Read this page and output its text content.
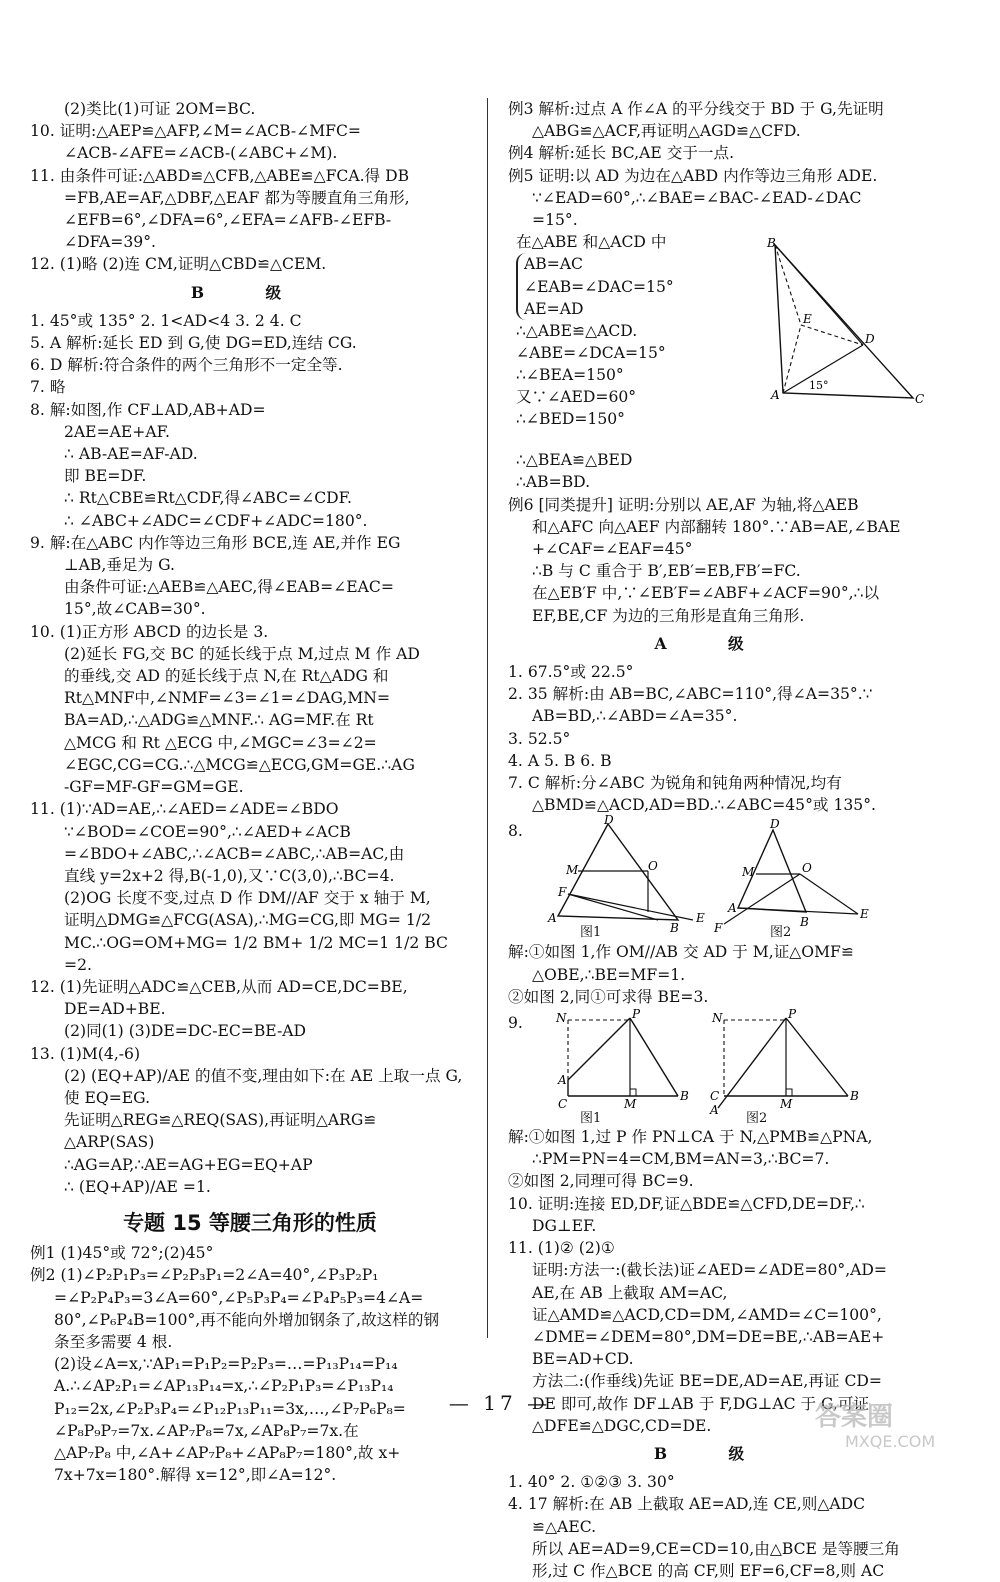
(2)类比(1)可证 2OM=BC.
10. 证明:△AEP≌△AFP,∠M=∠ACB-∠MFC=
∠ACB-∠AFE=∠ACB-(∠ABC+∠M).
11. 由条件可证:△ABD≌△CFB,△ABE≌△FCA.得 DB
=FB,AE=AF,△DBF,△EAF 都为等腰直角三角形,
∠EFB=6°,∠DFA=6°,∠EFA=∠AFB-∠EFB-
∠DFA=39°.
12. (1)略 (2)连 CM,证明△CBD≌△CEM.
B 级
1. 45°或 135° 2. 1<AD<4 3. 2 4. C
5. A 解析:延长 ED 到 G,使 DG=ED,连结 CG.
6. D 解析:符合条件的两个三角形不一定全等.
7. 略
8. 解:如图,作 CF⊥AD,AB+AD=
2AE=AE+AF.
∴ AB-AE=AF-AD.
即 BE=DF.
∴ Rt△CBE≌Rt△CDF,得∠ABC=∠CDF.
∴ ∠ABC+∠ADC=∠CDF+∠ADC=180°.
9. 解:在△ABC 内作等边三角形 BCE,连 AE,并作 EG
⊥AB,垂足为 G.
由条件可证:△AEB≌△AEC,得∠EAB=∠EAC=
15°,故∠CAB=30°.
10. (1)正方形 ABCD 的边长是 3.
(2)延长 FG,交 BC 的延长线于点 M,过点 M 作 AD
的垂线,交 AD 的延长线于点 N,在 Rt△ADG 和
Rt△MNF中,∠NMF=∠3=∠1=∠DAG,MN=
BA=AD,∴△ADG≌△MNF.∴ AG=MF.在 Rt
△MCG 和 Rt △ECG 中,∠MGC=∠3=∠2=
∠EGC,CG=CG.∴△MCG≌△ECG,GM=GE.∴AG
-GF=MF-GF=GM=GE.
11. (1)∵AD=AE,∴∠AED=∠ADE=∠BDO
∵∠BOD=∠COE=90°,∴∠AED+∠ACB
=∠BDO+∠ABC,∴∠ACB=∠ABC,∴AB=AC,由
直线 y=2x+2 得,B(-1,0),又∵C(3,0),∴BC=4.
(2)OG 长度不变,过点 D 作 DM//AF 交于 x 轴于 M,
证明△DMG≌△FCG(ASA),∴MG=CG,即 MG= 1/2
MC.∴OG=OM+MG= 1/2 BM+ 1/2 MC=1 1/2 BC
=2.
12. (1)先证明△ADC≌△CEB,从而 AD=CE,DC=BE,
DE=AD+BE.
(2)同(1) (3)DE=DC-EC=BE-AD
13. (1)M(4,-6)
(2) (EQ+AP)/AE 的值不变,理由如下:在 AE 上取一点 G,
使 EQ=EG.
先证明△REG≌△REQ(SAS),再证明△ARG≌
△ARP(SAS)
∴AG=AP,∴AE=AG+EG=EQ+AP
∴ (EQ+AP)/AE =1.
专题 15 等腰三角形的性质
例1 (1)45°或 72°;(2)45°
例2 (1)∠P₂P₁P₃=∠P₂P₃P₁=2∠A=40°,∠P₃P₂P₁
=∠P₂P₄P₃=3∠A=60°,∠P₅P₃P₄=∠P₄P₅P₃=4∠A=
80°,∠P₆P₄B=100°,再不能向外增加钢条了,故这样的钢
条至多需要 4 根.
(2)设∠A=x,∵AP₁=P₁P₂=P₂P₃=…=P₁₃P₁₄=P₁₄
A.∴∠AP₂P₁=∠AP₁₃P₁₄=x,∴∠P₂P₁P₃=∠P₁₃P₁₄
P₁₂=2x,∠P₂P₃P₄=∠P₁₂P₁₃P₁₁=3x,…,∠P₇P₆P₈=
∠P₈P₉P₇=7x.∠AP₇P₈=7x,∠AP₈P₇=7x.在
△AP₇P₈ 中,∠A+∠AP₇P₈+∠AP₈P₇=180°,故 x+
7x+7x=180°.解得 x=12°,即∠A=12°.
例3 解析:过点 A 作∠A 的平分线交于 BD 于 G,先证明
△ABG≌△ACF,再证明△AGD≌△CFD.
例4 解析:延长 BC,AE 交于一点.
例5 证明:以 AD 为边在△ABD 内作等边三角形 ADE.
∵∠EAD=60°,∴∠BAE=∠BAC-∠EAD-∠DAC
=15°.
在△ABE 和△ACD 中
AB=AC
∠EAB=∠DAC=15°
AE=AD
∴△ABE≌△ACD.
∠ABE=∠DCA=15°
∴∠BEA=150°
B
E
D
A	C
15°
又∵∠AED=60°
∴∠BED=150°
∴△BEA≌△BED
∴AB=BD.
例6 [同类提升] 证明:分别以 AE,AF 为轴,将△AEB
和△AFC 向△AEF 内部翻转 180°.∵AB=AE,∠BAE
+∠CAF=∠EAF=45°
∴B 与 C 重合于 B′,EB′=EB,FB′=FC.
在△EB′F 中,∵∠EB′F=∠ABF+∠ACF=90°,∴以
EF,BE,CF 为边的三角形是直角三角形.
A 级
1. 67.5°或 22.5°
2. 35 解析:由 AB=BC,∠ABC=110°,得∠A=35°.∵
AB=BD,∴∠ABD=∠A=35°.
3. 52.5°
4. A 5. B 6. B
7. C 解析:分∠ABC 为锐角和钝角两种情况,均有
△BMD≌△ACD,AD=BD.∴∠ABC=45°或 135°.
8.
D
M	O
F
A
B
E
D
M	O
A
F	B
E
图1	图2
解:①如图 1,作 OM//AB 交 AD 于 M,证△OMF≌
△OBE,∴BE=MF=1.
②如图 2,同①可求得 BE=3.
9.	N	P
A
C	M
B
N	P
C
A	M
B
图1	图2
解:①如图 1,过 P 作 PN⊥CA 于 N,△PMB≌△PNA,
∴PM=PN=4=CM,BM=AN=3,∴BC=7.
②如图 2,同理可得 BC=9.
10. 证明:连接 ED,DF,证△BDE≌△CFD,DE=DF,∴
DG⊥EF.
11. (1)② (2)①
证明:方法一:(截长法)证∠AED=∠ADE=80°,AD=
AE,在 AB 上截取 AM=AC,
证△AMD≌△ACD,CD=DM,∠AMD=∠C=100°,
∠DME=∠DEM=80°,DM=DE=BE,∴AB=AE+
BE=AD+CD.
方法二:(作垂线)先证 BE=DE,AD=AE,再证 CD=
DE 即可,故作 DF⊥AB 于 F,DG⊥AC 于 G,可证
△DFE≌△DGC,CD=DE.
B 级
1. 40° 2. ①②③ 3. 30°
4. 17 解析:在 AB 上截取 AE=AD,连 CE,则△ADC
≌△AEC.
所以 AE=AD=9,CE=CD=10,由△BCE 是等腰三角
形,过 C 作△BCE 的高 CF,则 EF=6,CF=8,则 AC
— 17 —	答案圈
MXQE.COM
